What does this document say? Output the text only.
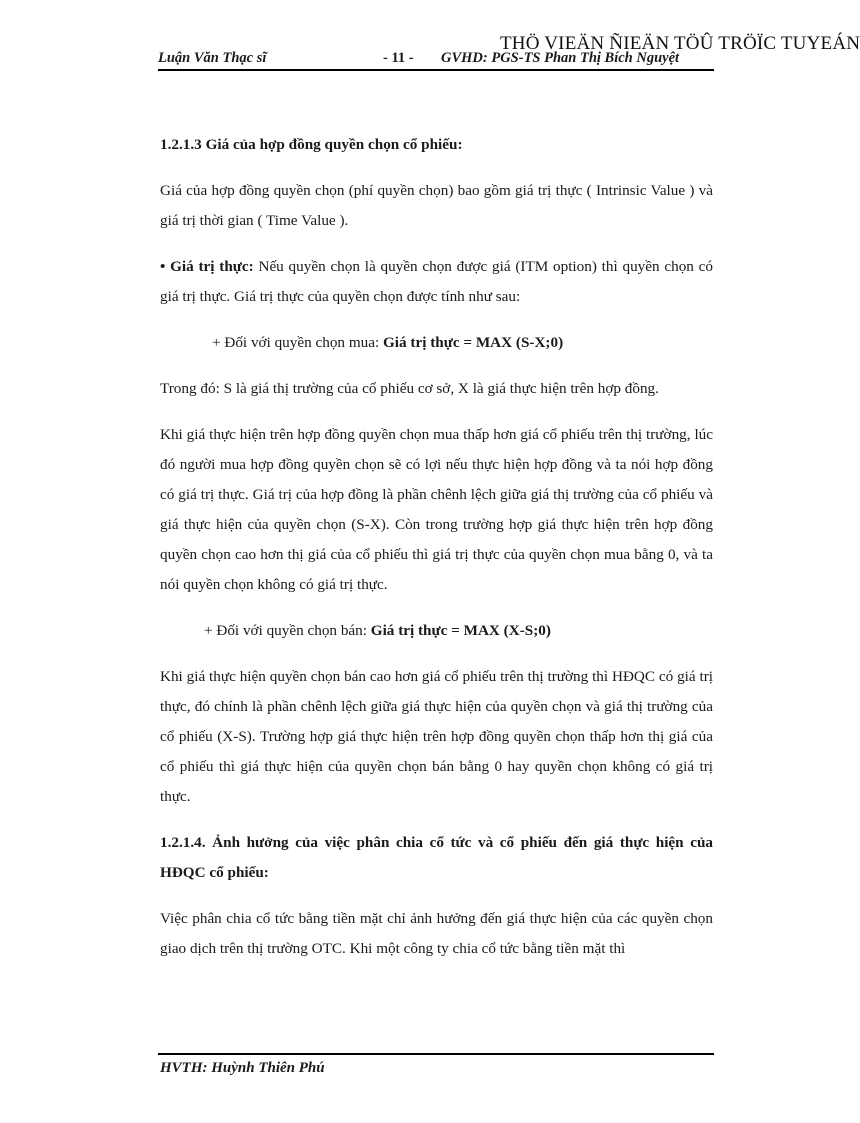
THÖ VIEÄN ÑIEÄN TÖÛ TRÖÏC TUYEÁN
Luận Văn Thạc sĩ	- 11 - GVHD: PGS-TS Phan Thị Bích Nguyệt

1.2.1.3 Giá của hợp đồng quyền chọn cổ phiếu:

Giá của hợp đồng quyền chọn (phí quyền chọn) bao gồm giá trị thực ( Intrinsic Value ) và giá trị thời gian ( Time Value ).

• Giá trị thực: Nếu quyền chọn là quyền chọn được giá (ITM option) thì quyền chọn có giá trị thực. Giá trị thực của quyền chọn được tính như sau:

+ Đối với quyền chọn mua: Giá trị thực = MAX (S-X;0)

Trong đó: S là giá thị trường của cổ phiếu cơ sở, X là giá thực hiện trên hợp đồng.

Khi giá thực hiện trên hợp đồng quyền chọn mua thấp hơn giá cổ phiếu trên thị trường, lúc đó người mua hợp đồng quyền chọn sẽ có lợi nếu thực hiện hợp đồng và ta nói hợp đồng có giá trị thực. Giá trị của hợp đồng là phần chênh lệch giữa giá thị trường của cổ phiếu và giá thực hiện của quyền chọn (S-X). Còn trong trường hợp giá thực hiện trên hợp đồng quyền chọn cao hơn thị giá của cổ phiếu thì giá trị thực của quyền chọn mua bằng 0, và ta nói quyền chọn không có giá trị thực.

+ Đối với quyền chọn bán: Giá trị thực = MAX (X-S;0)

Khi giá thực hiện quyền chọn bán cao hơn giá cổ phiếu trên thị trường thì HĐQC có giá trị thực, đó chính là phần chênh lệch giữa giá thực hiện của quyền chọn và giá thị trường của cổ phiếu (X-S). Trường hợp giá thực hiện trên hợp đồng quyền chọn thấp hơn thị giá của cổ phiếu thì giá thực hiện của quyền chọn bán bằng 0 hay quyền chọn không có giá trị thực.

1.2.1.4. Ảnh hưởng của việc phân chia cổ tức và cổ phiếu đến giá thực hiện của HĐQC cổ phiếu:

Việc phân chia cổ tức bằng tiền mặt chỉ ảnh hưởng đến giá thực hiện của các quyền chọn giao dịch trên thị trường OTC. Khi một công ty chia cổ tức bằng tiền mặt thì

HVTH: Huỳnh Thiên Phú
